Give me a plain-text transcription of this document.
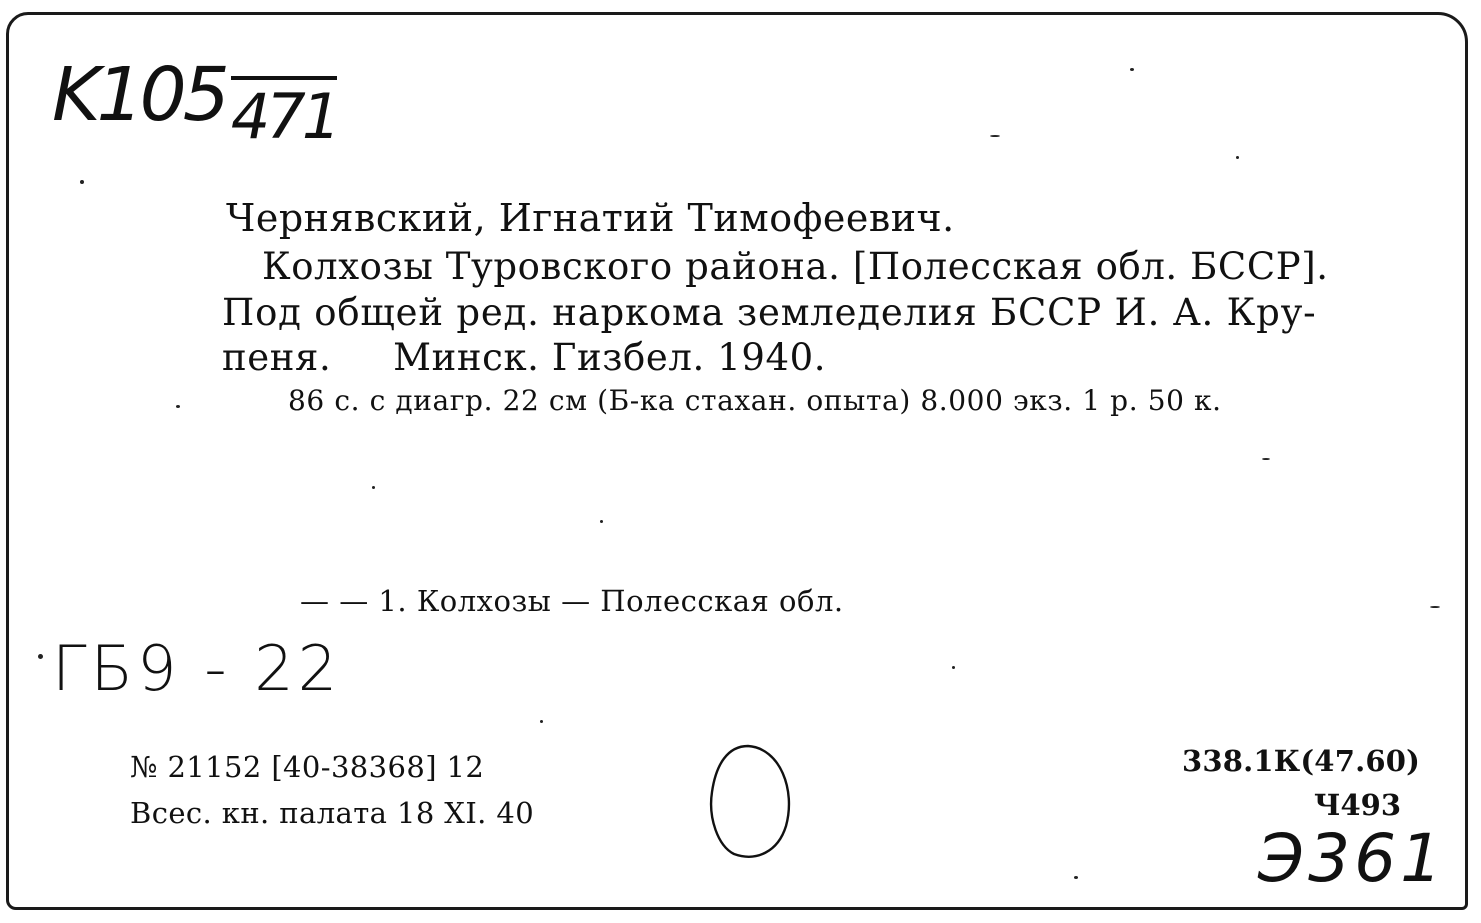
K105 471
Чернявский, Игнатий Тимофеевич.
Колхозы Туровского района. [Полесская обл. БССР].
Под общей ред. наркома земледелия БССР И. А. Кру-
пеня.     Минск. Гизбел. 1940.
86 с. с диагр. 22 см (Б-ка стахан. опыта) 8.000 экз. 1 р. 50 к.
— — 1. Колхозы — Полесская обл.
ГБ9 - 22
№ 21152 [40-38368] 12
Всес. кн. палата 18 XI. 40
338.1К(47.60)
Ч493
Э361
